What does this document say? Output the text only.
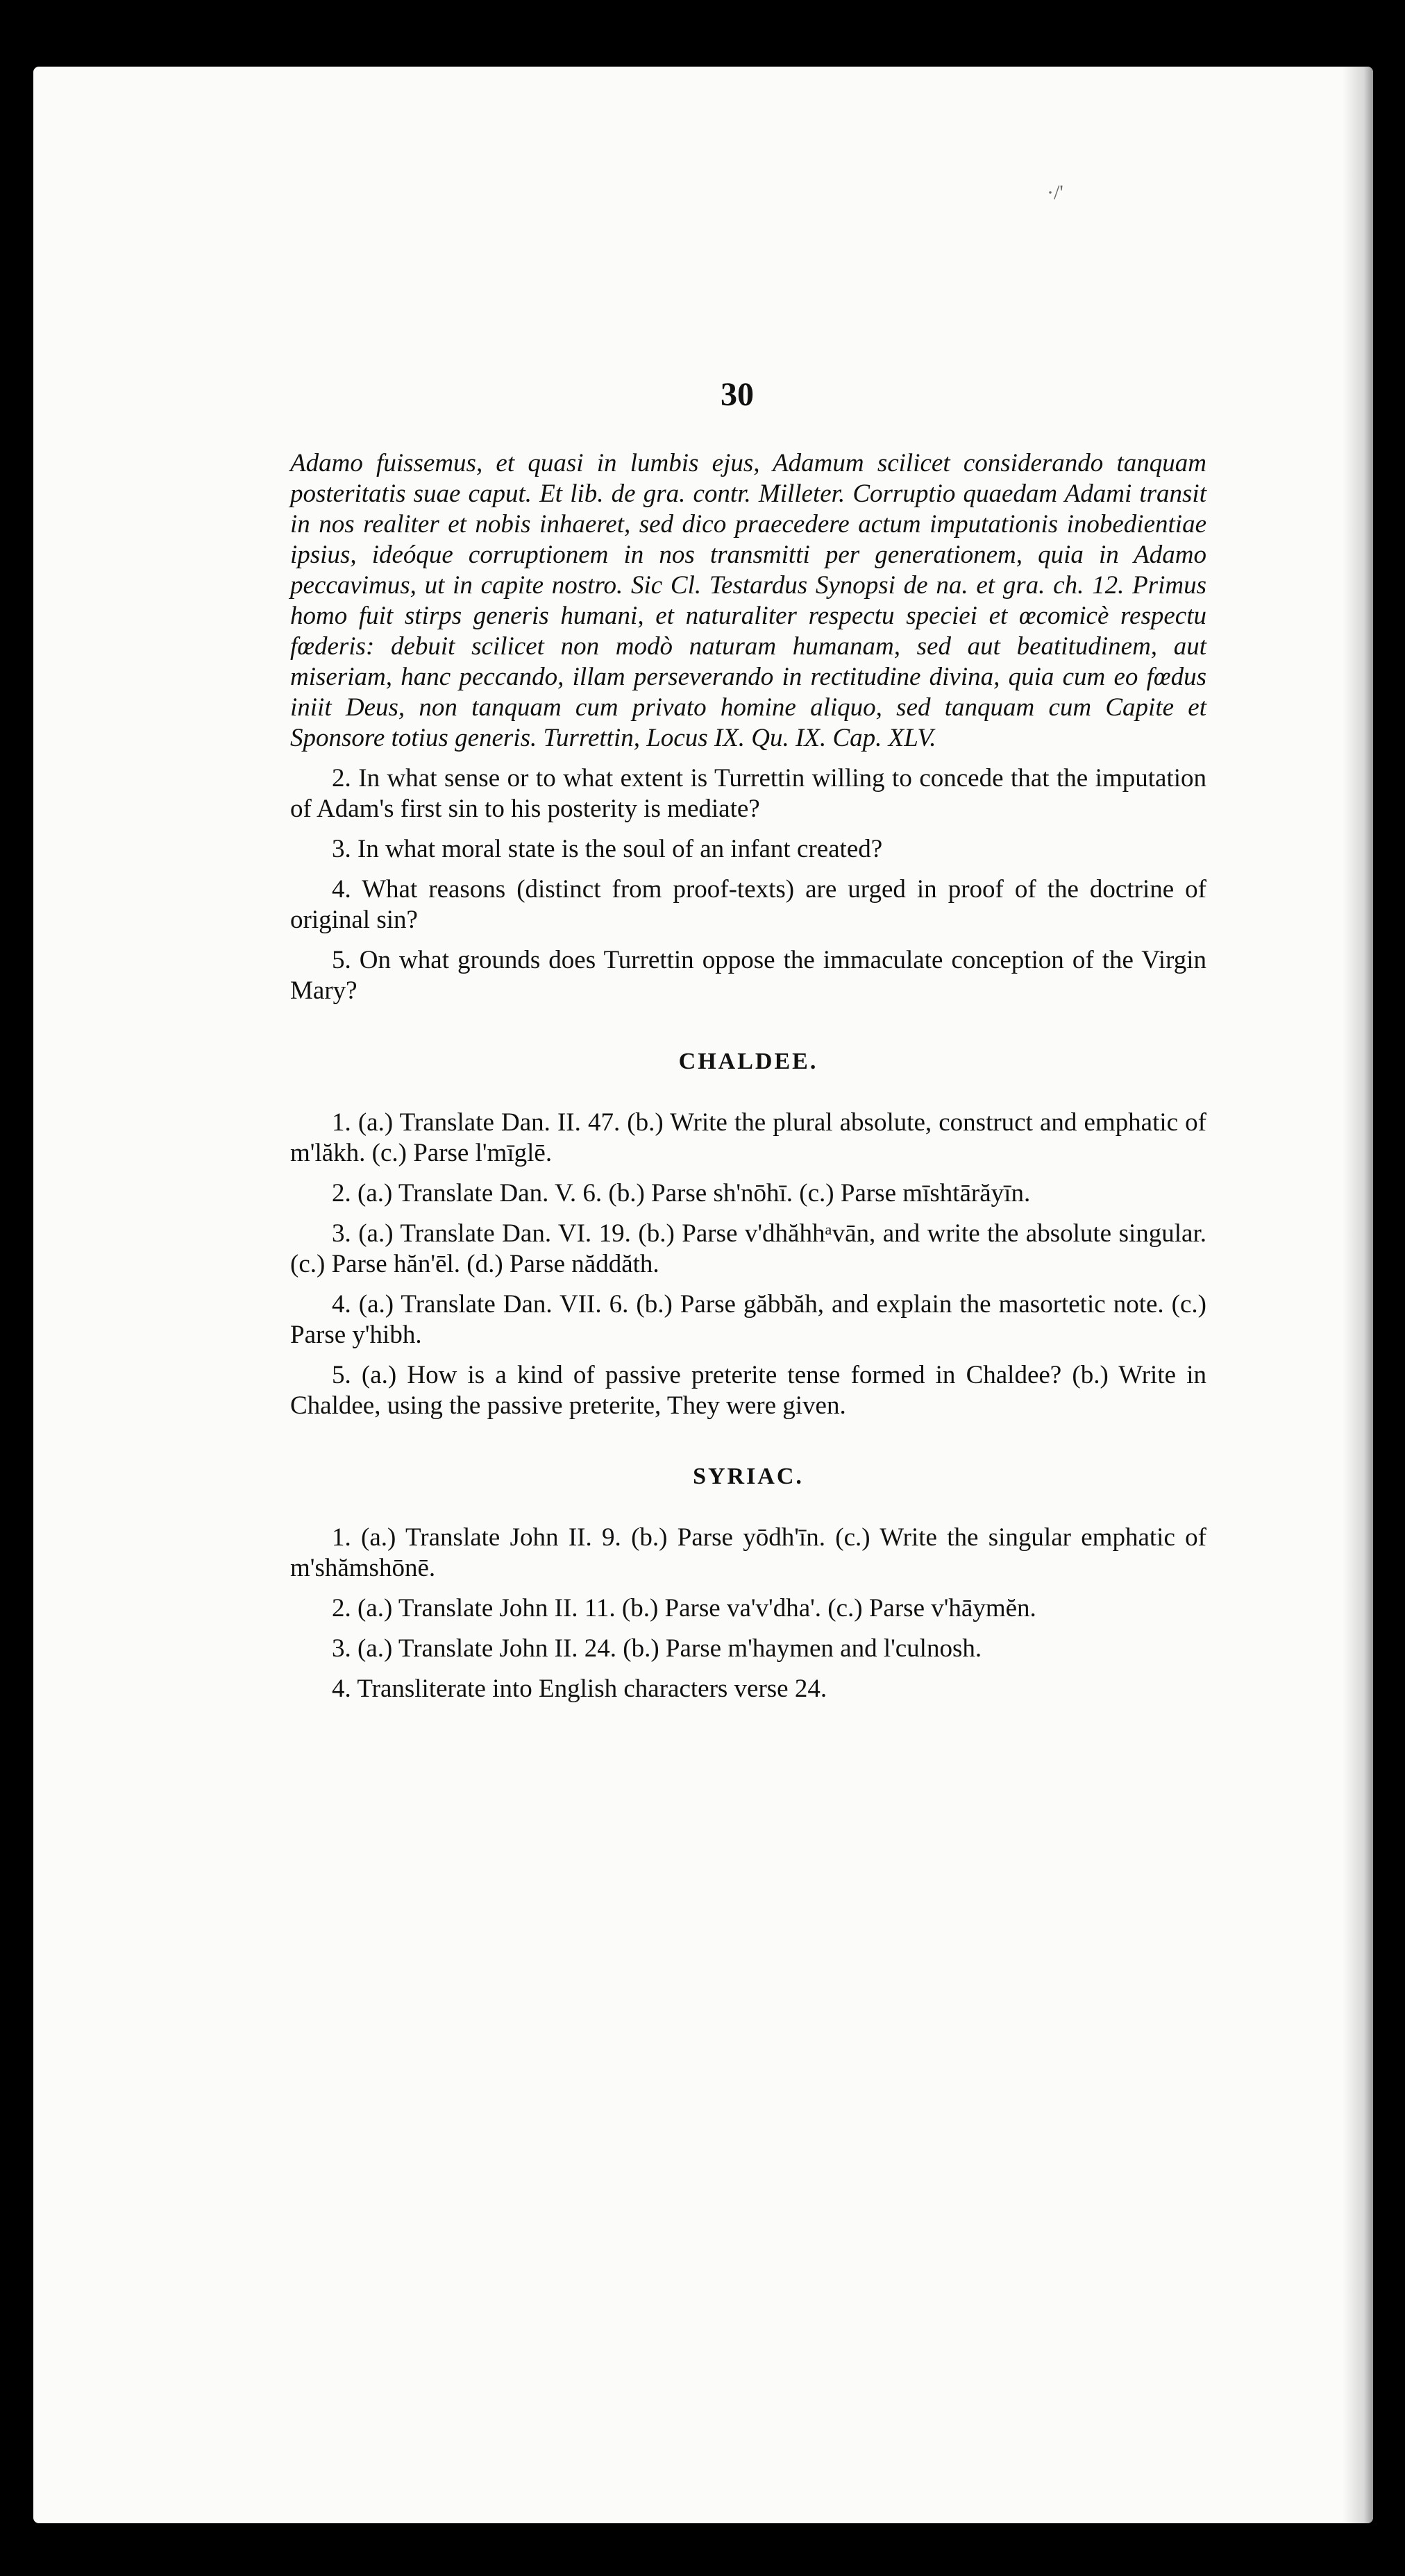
·/'
30

Adamo fuissemus, et quasi in lumbis ejus, Adamum scilicet considerando tanquam posteritatis suae caput. Et lib. de gra. contr. Milleter. Corruptio quaedam Adami transit in nos realiter et nobis inhaeret, sed dico praecedere actum imputationis inobedientiae ipsius, ideóque corruptionem in nos transmitti per generationem, quia in Adamo peccavimus, ut in capite nostro. Sic Cl. Testardus Synopsi de na. et gra. ch. 12. Primus homo fuit stirps generis humani, et naturaliter respectu speciei et œcomicè respectu fœderis: debuit scilicet non modò naturam humanam, sed aut beatitudinem, aut miseriam, hanc peccando, illam perseverando in rectitudine divina, quia cum eo fœdus iniit Deus, non tanquam cum privato homine aliquo, sed tanquam cum Capite et Sponsore totius generis. Turrettin, Locus IX. Qu. IX. Cap. XLV.

2. In what sense or to what extent is Turrettin willing to concede that the imputation of Adam's first sin to his posterity is mediate?

3. In what moral state is the soul of an infant created?

4. What reasons (distinct from proof-texts) are urged in proof of the doctrine of original sin?

5. On what grounds does Turrettin oppose the immaculate conception of the Virgin Mary?

CHALDEE.

1. (a.) Translate Dan. II. 47. (b.) Write the plural absolute, construct and emphatic of m'lăkh. (c.) Parse l'mīglē.

2. (a.) Translate Dan. V. 6. (b.) Parse sh'nōhī. (c.) Parse mīshtārăyīn.

3. (a.) Translate Dan. VI. 19. (b.) Parse v'dhăhhᵃvān, and write the absolute singular. (c.) Parse hăn'ēl. (d.) Parse năddăth.

4. (a.) Translate Dan. VII. 6. (b.) Parse găbbăh, and explain the masortetic note. (c.) Parse y'hibh.

5. (a.) How is a kind of passive preterite tense formed in Chaldee? (b.) Write in Chaldee, using the passive preterite, They were given.

SYRIAC.

1. (a.) Translate John II. 9. (b.) Parse yōdh'īn. (c.) Write the singular emphatic of m'shămshōnē.

2. (a.) Translate John II. 11. (b.) Parse va'v'dha'. (c.) Parse v'hāymĕn.

3. (a.) Translate John II. 24. (b.) Parse m'haymen and l'culnosh.

4. Transliterate into English characters verse 24.
